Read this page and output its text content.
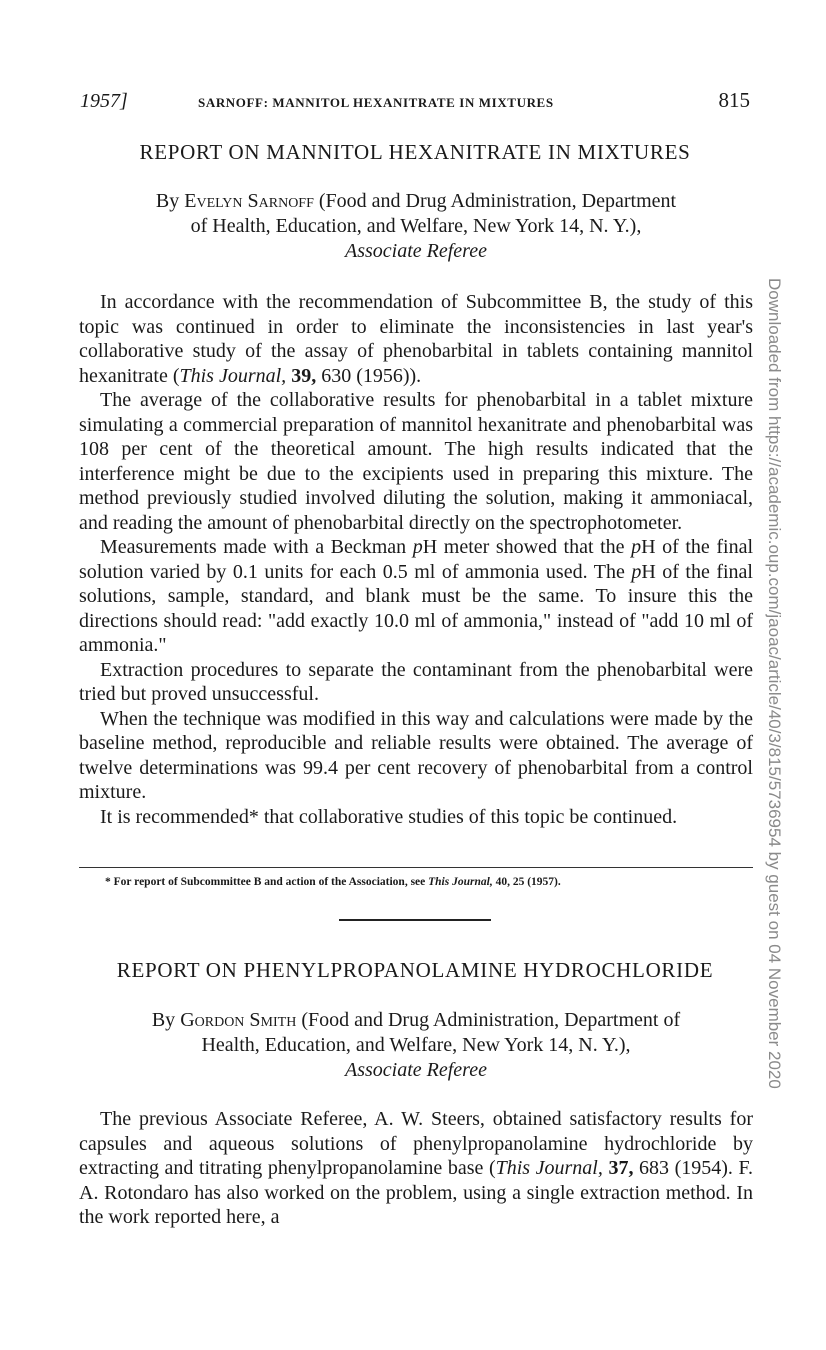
1957]	SARNOFF: MANNITOL HEXANITRATE IN MIXTURES	815
REPORT ON MANNITOL HEXANITRATE IN MIXTURES
By Evelyn Sarnoff (Food and Drug Administration, Department
of Health, Education, and Welfare, New York 14, N. Y.),
Associate Referee

In accordance with the recommendation of Subcommittee B, the study of this topic was continued in order to eliminate the inconsistencies in last year's collaborative study of the assay of phenobarbital in tablets containing mannitol hexanitrate (This Journal, 39, 630 (1956)).

The average of the collaborative results for phenobarbital in a tablet mixture simulating a commercial preparation of mannitol hexanitrate and phenobarbital was 108 per cent of the theoretical amount. The high results indicated that the interference might be due to the excipients used in preparing this mixture. The method previously studied involved diluting the solution, making it ammoniacal, and reading the amount of phenobarbital directly on the spectrophotometer.

Measurements made with a Beckman pH meter showed that the pH of the final solution varied by 0.1 units for each 0.5 ml of ammonia used. The pH of the final solutions, sample, standard, and blank must be the same. To insure this the directions should read: "add exactly 10.0 ml of ammonia," instead of "add 10 ml of ammonia."

Extraction procedures to separate the contaminant from the phenobarbital were tried but proved unsuccessful.

When the technique was modified in this way and calculations were made by the baseline method, reproducible and reliable results were obtained. The average of twelve determinations was 99.4 per cent recovery of phenobarbital from a control mixture.

It is recommended* that collaborative studies of this topic be continued.

* For report of Subcommittee B and action of the Association, see This Journal, 40, 25 (1957).
REPORT ON PHENYLPROPANOLAMINE HYDROCHLORIDE
By Gordon Smith (Food and Drug Administration, Department of
Health, Education, and Welfare, New York 14, N. Y.),
Associate Referee

The previous Associate Referee, A. W. Steers, obtained satisfactory results for capsules and aqueous solutions of phenylpropanolamine hydrochloride by extracting and titrating phenylpropanolamine base (This Journal, 37, 683 (1954). F. A. Rotondaro has also worked on the problem, using a single extraction method. In the work reported here, a

Downloaded from https://academic.oup.com/jaoac/article/40/3/815/5736954 by guest on 04 November 2020
